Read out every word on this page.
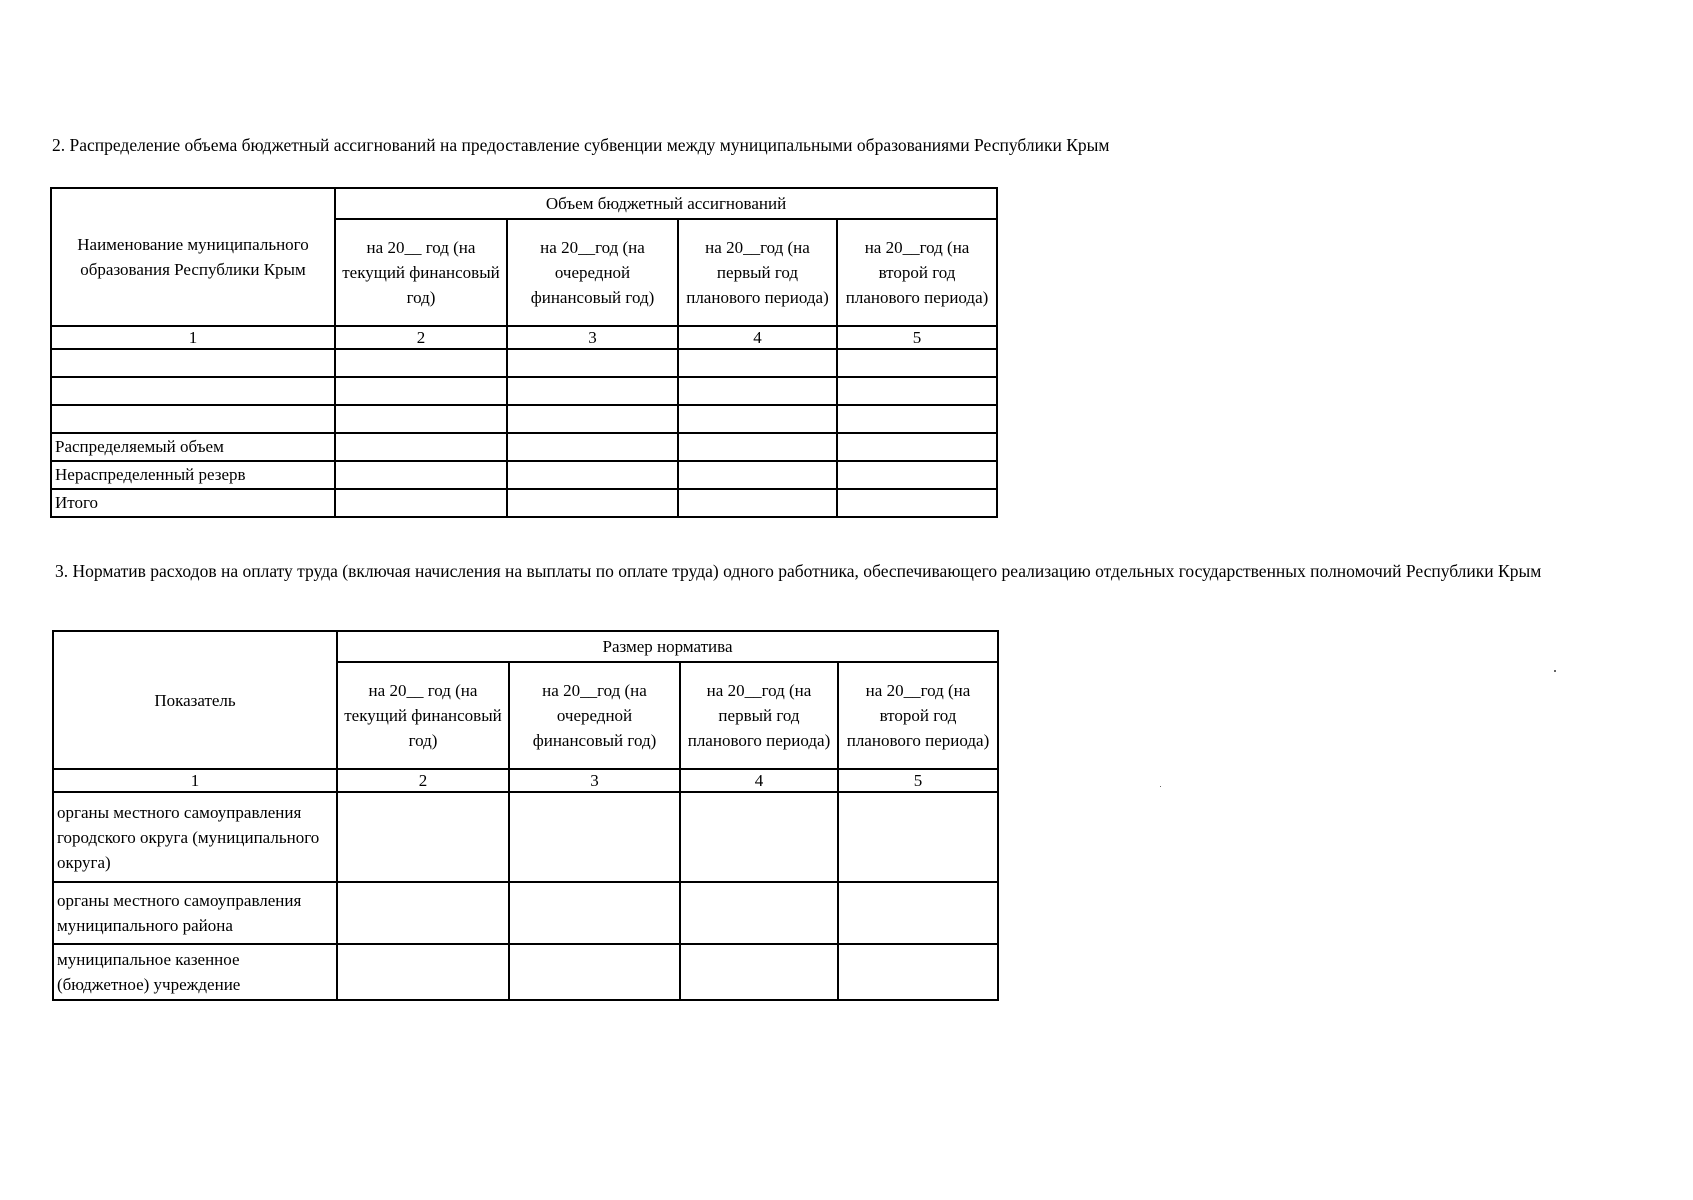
2. Распределение объема бюджетный ассигнований на предоставление субвенции между муниципальными образованиями Республики Крым
Наименование муниципального образования Республики Крым	Объем бюджетный ассигнований			
	на 20__ год (на текущий финансовый год)	на 20__год (на очередной финансовый год)	на 20__год (на первый год планового периода)	на 20__год (на второй год планового периода)
1	2	3	4	5

Распределяемый объем				
Нераспределенный резерв				
Итого				
3. Норматив расходов на оплату труда (включая начисления на выплаты по оплате труда) одного работника, обеспечивающего реализацию отдельных государственных полномочий Республики Крым
Показатель	Размер норматива			
	на 20__ год (на текущий финансовый год)	на 20__год (на очередной финансовый год)	на 20__год (на первый год планового периода)	на 20__год (на второй год планового периода)
1	2	3	4	5
органы местного самоуправления городского округа (муниципального округа)				
органы местного самоуправления муниципального района				
муниципальное казенное (бюджетное) учреждение				
